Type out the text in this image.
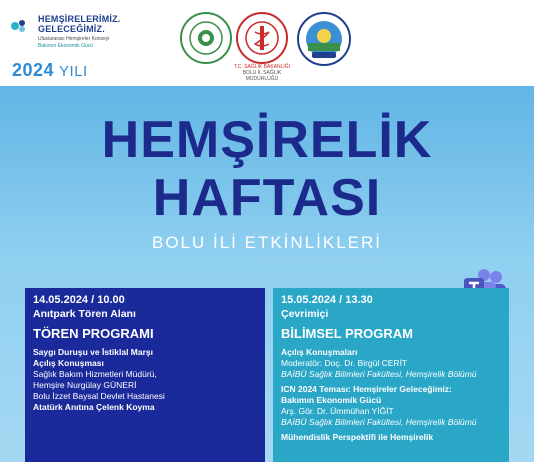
HEMŞİRELERİMİZ.
GELECEĞİMİZ.
Uluslararası Hemşireler Konseyi
Bakımın Ekonomik Gücü
2024 YILI	T.C. SAĞLIK BAKANLIĞI
BOLU İL SAĞLIK MÜDÜRLÜĞÜ
HEMŞİRELİK
HAFTASI
BOLU İLİ ETKİNLİKLERİ
14.05.2024 / 10.00
Anıtpark Tören Alanı
TÖREN PROGRAMI
Saygı Duruşu ve İstiklal Marşı
Açılış Konuşması
Sağlık Bakım Hizmetleri Müdürü,
Hemşire Nurgülay GÜNERİ
Bolu İzzet Baysal Devlet Hastanesi
Atatürk Anıtına Çelenk Koyma
15.05.2024 / 13.30
Çevrimiçi
BİLİMSEL PROGRAM
Açılış Konuşmaları
Moderatör: Doç. Dr. Birgül CERİT
BAİBÜ Sağlık Bilimleri Fakültesi, Hemşirelik Bölümü
ICN 2024 Teması: Hemşireler Geleceğimiz:
Bakımın Ekonomik Gücü
Arş. Gör. Dr. Ümmühan YİĞİT
BAİBÜ Sağlık Bilimleri Fakültesi, Hemşirelik Bölümü
Mühendislik Perspektifi ile Hemşirelik
